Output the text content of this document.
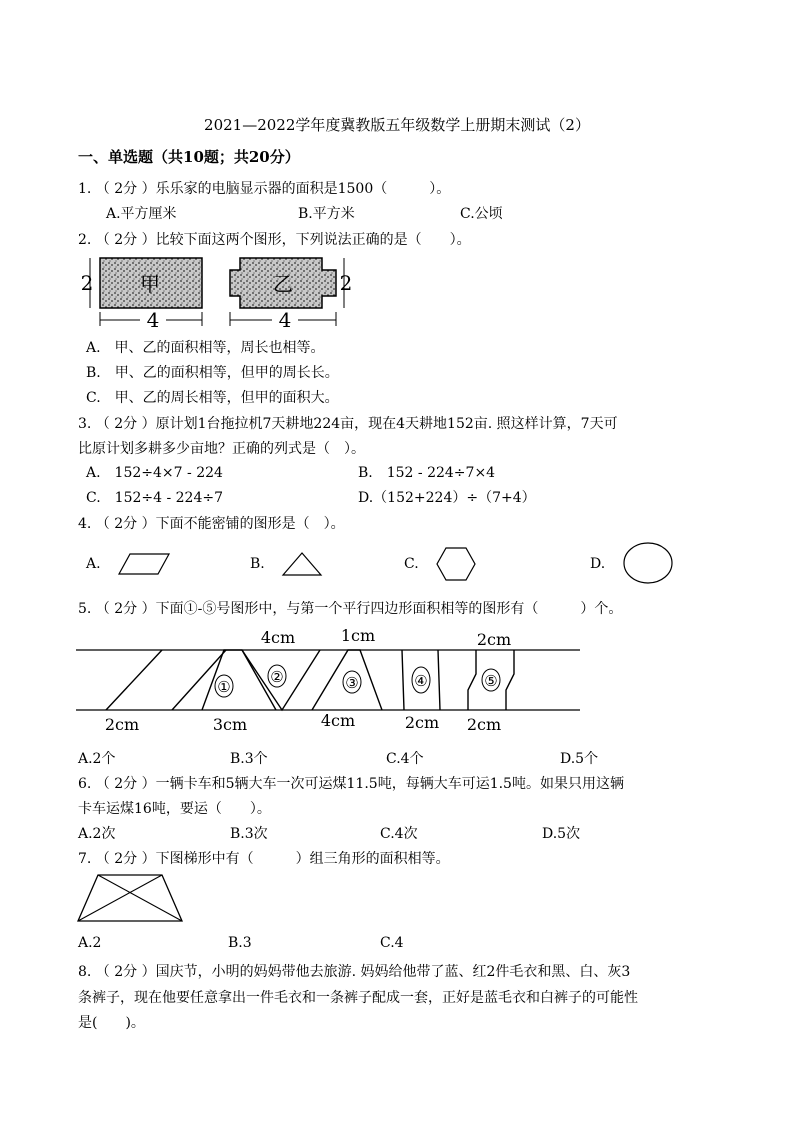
2021—2022学年度冀教版五年级数学上册期末测试（2）
一、单选题（共10题；共20分）
1. （ 2分 ）乐乐家的电脑显示器的面积是1500（　　　）。
A.平方厘米	B.平方米	C.公顷
2. （ 2分 ）比较下面这两个图形，下列说法正确的是（　　）。
甲
2
4
乙 2
4
A.　甲、乙的面积相等，周长也相等。
B.　甲、乙的面积相等，但甲的周长长。
C.　甲、乙的周长相等，但甲的面积大。
3. （ 2分 ）原计划1台拖拉机7天耕地224亩，现在4天耕地152亩. 照这样计算，7天可
比原计划多耕多少亩地？正确的列式是（　）。
A.　152÷4×7 - 224	B.　152 - 224÷7×4
C.　152÷4 - 224÷7	D.（152+224）÷（7+4）
4. （ 2分 ）下面不能密铺的图形是（　）。
A.	B.	C.	D.
5. （ 2分 ）下面①-⑤号图形中，与第一个平行四边形面积相等的图形有（　　　）个。
①
②	③	④	⑤
4cm	1cm	2cm
2cm	3cm	4cm	2cm 2cm
A.2个	B.3个	C.4个	D.5个
6. （ 2分 ）一辆卡车和5辆大车一次可运煤11.5吨，每辆大车可运1.5吨。如果只用这辆
卡车运煤16吨，要运（　　）。
A.2次	B.3次	C.4次	D.5次
7. （ 2分 ）下图梯形中有（　　　）组三角形的面积相等。
A.2	B.3	C.4
8. （ 2分 ）国庆节，小明的妈妈带他去旅游. 妈妈给他带了蓝、红2件毛衣和黑、白、灰3
条裤子，现在他要任意拿出一件毛衣和一条裤子配成一套，正好是蓝毛衣和白裤子的可能性
是(　　)。
